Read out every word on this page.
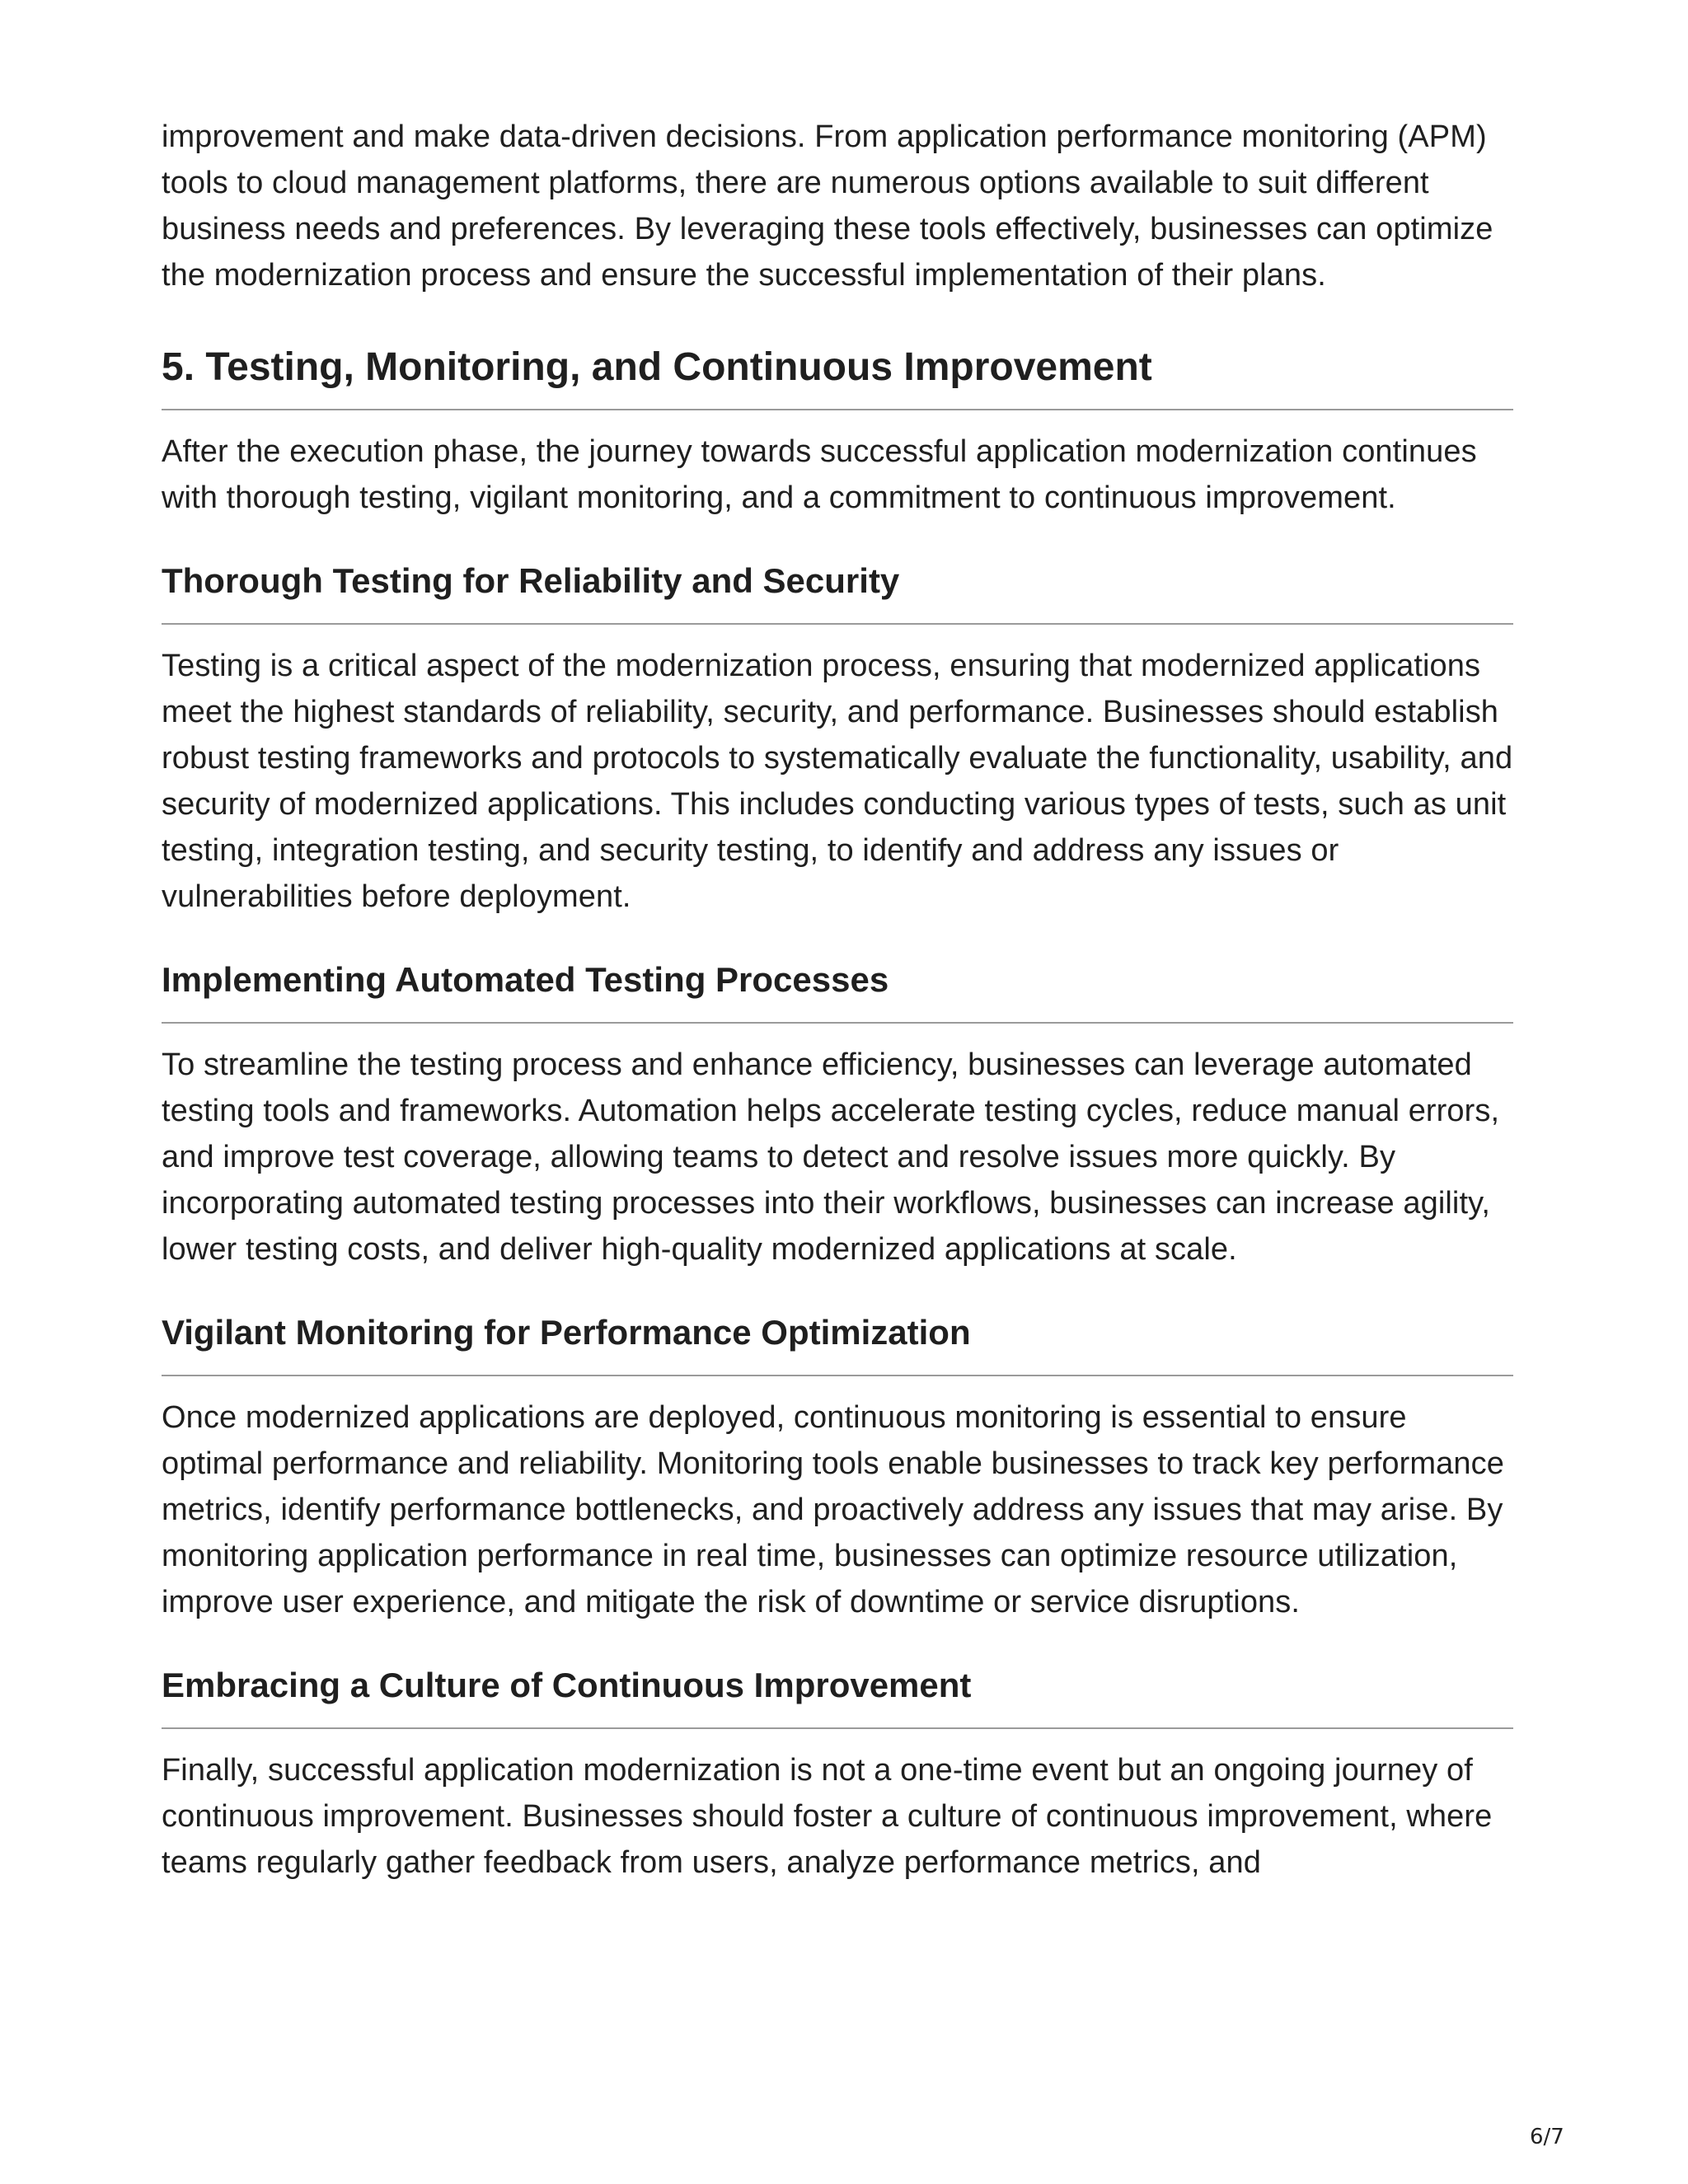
improvement and make data-driven decisions. From application performance monitoring (APM) tools to cloud management platforms, there are numerous options available to suit different business needs and preferences. By leveraging these tools effectively, businesses can optimize the modernization process and ensure the successful implementation of their plans.

5. Testing, Monitoring, and Continuous Improvement

After the execution phase, the journey towards successful application modernization continues with thorough testing, vigilant monitoring, and a commitment to continuous improvement.

Thorough Testing for Reliability and Security

Testing is a critical aspect of the modernization process, ensuring that modernized applications meet the highest standards of reliability, security, and performance. Businesses should establish robust testing frameworks and protocols to systematically evaluate the functionality, usability, and security of modernized applications. This includes conducting various types of tests, such as unit testing, integration testing, and security testing, to identify and address any issues or vulnerabilities before deployment.

Implementing Automated Testing Processes

To streamline the testing process and enhance efficiency, businesses can leverage automated testing tools and frameworks. Automation helps accelerate testing cycles, reduce manual errors, and improve test coverage, allowing teams to detect and resolve issues more quickly. By incorporating automated testing processes into their workflows, businesses can increase agility, lower testing costs, and deliver high-quality modernized applications at scale.

Vigilant Monitoring for Performance Optimization

Once modernized applications are deployed, continuous monitoring is essential to ensure optimal performance and reliability. Monitoring tools enable businesses to track key performance metrics, identify performance bottlenecks, and proactively address any issues that may arise. By monitoring application performance in real time, businesses can optimize resource utilization, improve user experience, and mitigate the risk of downtime or service disruptions.

Embracing a Culture of Continuous Improvement

Finally, successful application modernization is not a one-time event but an ongoing journey of continuous improvement. Businesses should foster a culture of continuous improvement, where teams regularly gather feedback from users, analyze performance metrics, and

6/7
